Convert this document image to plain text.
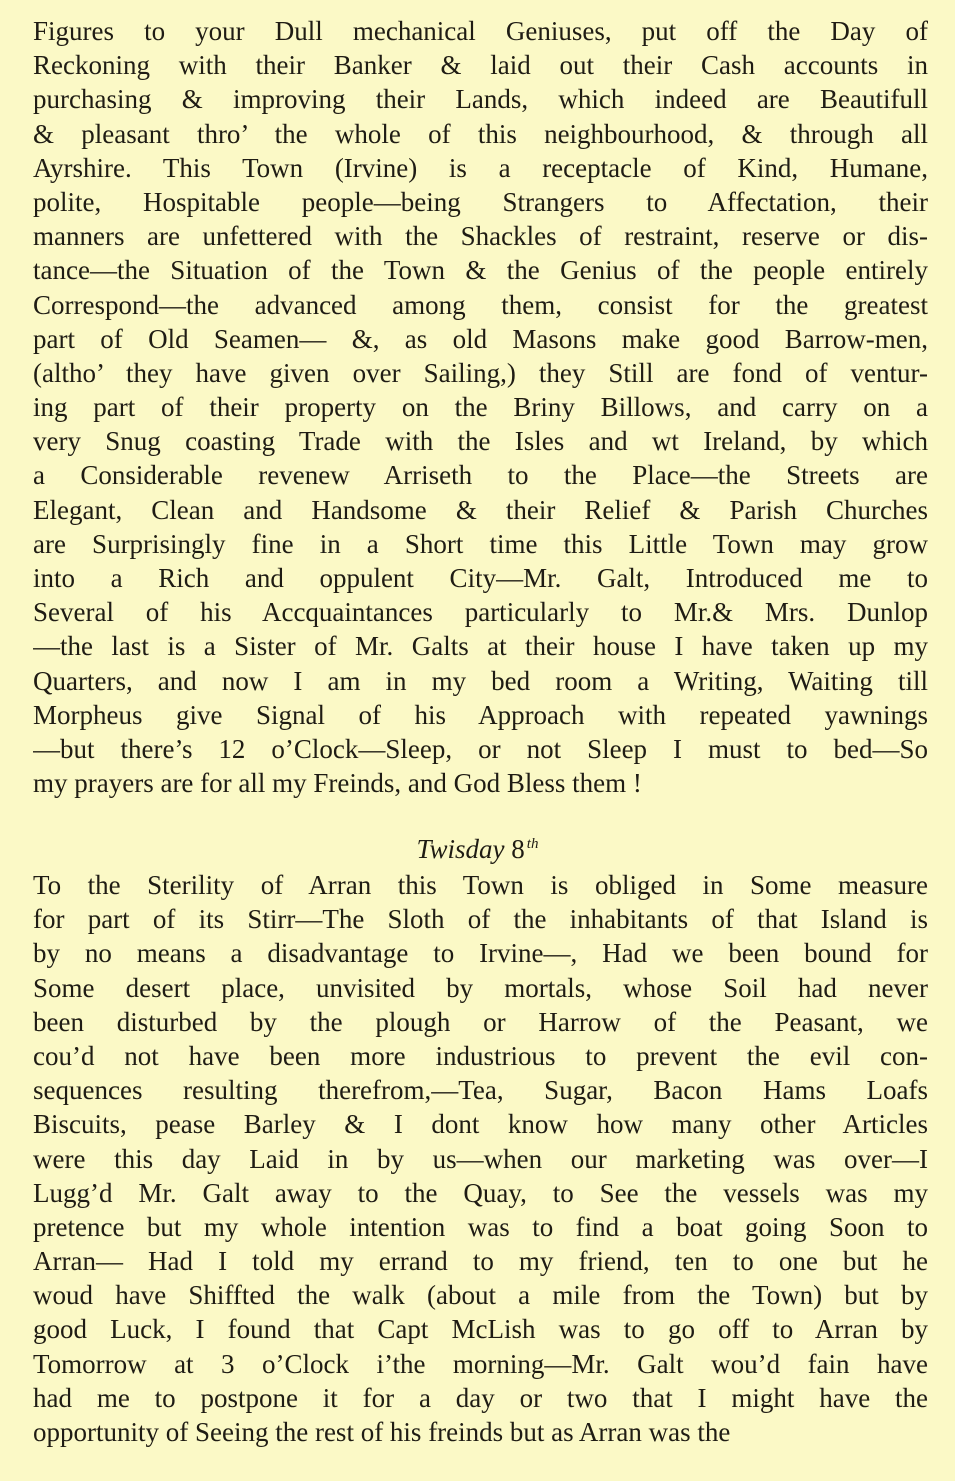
Figures to your Dull mechanical Geniuses, put off the Day of
Reckoning with their Banker & laid out their Cash accounts in
purchasing & improving their Lands, which indeed are Beautifull
& pleasant thro’ the whole of this neighbourhood, & through all
Ayrshire. This Town (Irvine) is a receptacle of Kind, Humane,
polite, Hospitable people—being Strangers to Affectation, their
manners are unfettered with the Shackles of restraint, reserve or dis-
tance—the Situation of the Town & the Genius of the people entirely
Correspond—the advanced among them, consist for the greatest
part of Old Seamen— &, as old Masons make good Barrow-men,
(altho’ they have given over Sailing,) they Still are fond of ventur-
ing part of their property on the Briny Billows, and carry on a
very Snug coasting Trade with the Isles and wt Ireland, by which
a Considerable revenew Arriseth to the Place—the Streets are
Elegant, Clean and Handsome & their Relief & Parish Churches
are Surprisingly fine in a Short time this Little Town may grow
into a Rich and oppulent City—Mr. Galt, Introduced me to
Several of his Accquaintances particularly to Mr.& Mrs. Dunlop
—the last is a Sister of Mr. Galts at their house I have taken up my
Quarters, and now I am in my bed room a Writing, Waiting till
Morpheus give Signal of his Approach with repeated yawnings
—but there’s 12 o’Clock—Sleep, or not Sleep I must to bed—So
my prayers are for all my Freinds, and God Bless them !
Twisday 8 $^{th}$
To the Sterility of Arran this Town is obliged in Some measure
for part of its Stirr—The Sloth of the inhabitants of that Island is
by no means a disadvantage to Irvine—, Had we been bound for
Some desert place, unvisited by mortals, whose Soil had never
been disturbed by the plough or Harrow of the Peasant, we
cou’d not have been more industrious to prevent the evil con-
sequences resulting therefrom,—Tea, Sugar, Bacon Hams Loafs
Biscuits, pease Barley & I dont know how many other Articles
were this day Laid in by us—when our marketing was over—I
Lugg’d Mr. Galt away to the Quay, to See the vessels was my
pretence but my whole intention was to find a boat going Soon to
Arran— Had I told my errand to my friend, ten to one but he
woud have Shiffted the walk (about a mile from the Town) but by
good Luck, I found that Capt McLish was to go off to Arran by
Tomorrow at 3 o’Clock i’the morning—Mr. Galt wou’d fain have
had me to postpone it for a day or two that I might have the
opportunity of Seeing the rest of his freinds but as Arran was the
